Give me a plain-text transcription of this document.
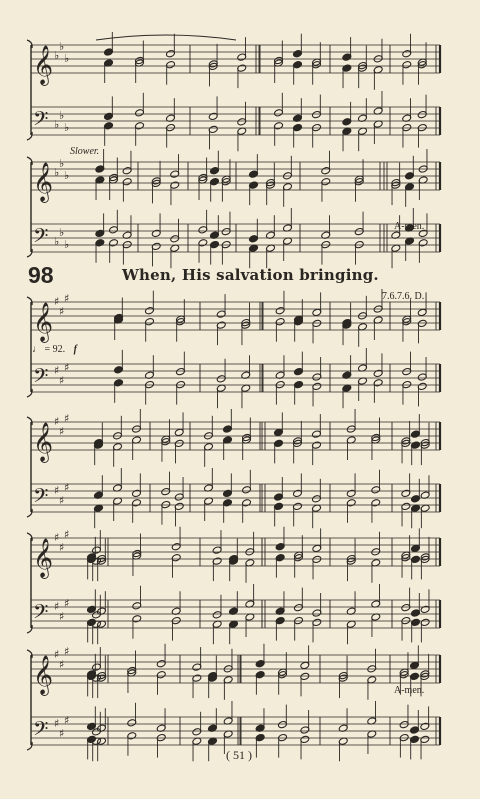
𝄞
𝄢
♭
♭
♭
♭
♭
♭
𝄞
𝄢
♭
♭
♭
♭
♭
♭
𝄞
𝄢
♯
♯
♯
♯
♯
♯
𝄞
𝄢
♯
♯
♯
♯
♯
♯
𝄞
𝄢
♯
♯
♯
♯
♯
♯
𝄞
𝄢
♯
♯
♯
♯
♯
♯
Slower.
A-men.
98	When, His salvation bringing.
7.6.7.6. D.
♩ = 92. f
A-men.
( 51 )
